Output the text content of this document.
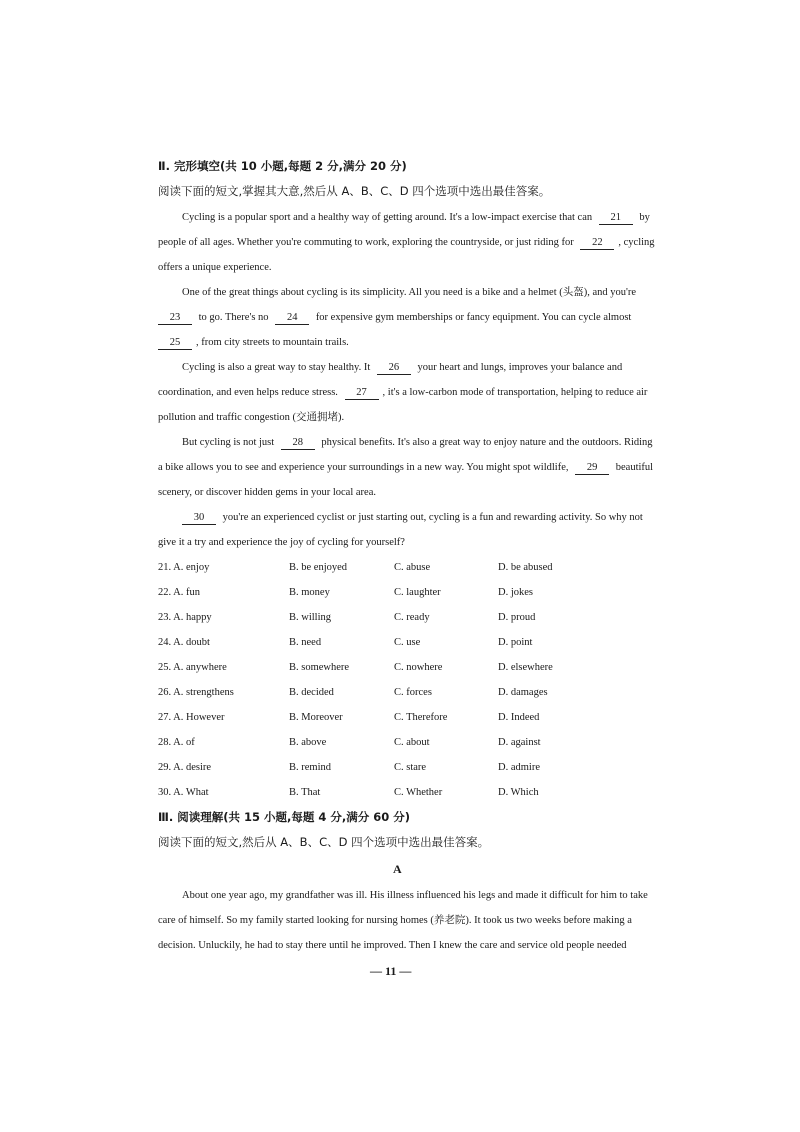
Ⅱ. 完形填空(共 10 小题,每题 2 分,满分 20 分)
阅读下面的短文,掌握其大意,然后从 A、B、C、D 四个选项中选出最佳答案。
Cycling is a popular sport and a healthy way of getting around. It's a low-impact exercise that can 21 by
people of all ages. Whether you're commuting to work, exploring the countryside, or just riding for 22 , cycling
offers a unique experience.
One of the great things about cycling is its simplicity. All you need is a bike and a helmet (头盔), and you're
23 to go. There's no 24 for expensive gym memberships or fancy equipment. You can cycle almost
25 , from city streets to mountain trails.
Cycling is also a great way to stay healthy. It 26 your heart and lungs, improves your balance and
coordination, and even helps reduce stress. 27 , it's a low-carbon mode of transportation, helping to reduce air
pollution and traffic congestion (交通拥堵).
But cycling is not just 28 physical benefits. It's also a great way to enjoy nature and the outdoors. Riding
a bike allows you to see and experience your surroundings in a new way. You might spot wildlife, 29 beautiful
scenery, or discover hidden gems in your local area.
30 you're an experienced cyclist or just starting out, cycling is a fun and rewarding activity. So why not
give it a try and experience the joy of cycling for yourself?
21. A. enjoy	B. be enjoyed	C. abuse	D. be abused
22. A. fun	B. money	C. laughter	D. jokes
23. A. happy	B. willing	C. ready	D. proud
24. A. doubt	B. need	C. use	D. point
25. A. anywhere	B. somewhere	C. nowhere	D. elsewhere
26. A. strengthens	B. decided	C. forces	D. damages
27. A. However	B. Moreover	C. Therefore	D. Indeed
28. A. of	B. above	C. about	D. against
29. A. desire	B. remind	C. stare	D. admire
30. A. What	B. That	C. Whether	D. Which
Ⅲ. 阅读理解(共 15 小题,每题 4 分,满分 60 分)
阅读下面的短文,然后从 A、B、C、D 四个选项中选出最佳答案。
A
About one year ago, my grandfather was ill. His illness influenced his legs and made it difficult for him to take
care of himself. So my family started looking for nursing homes (养老院). It took us two weeks before making a
decision. Unluckily, he had to stay there until he improved. Then I knew the care and service old people needed
— 11 —
